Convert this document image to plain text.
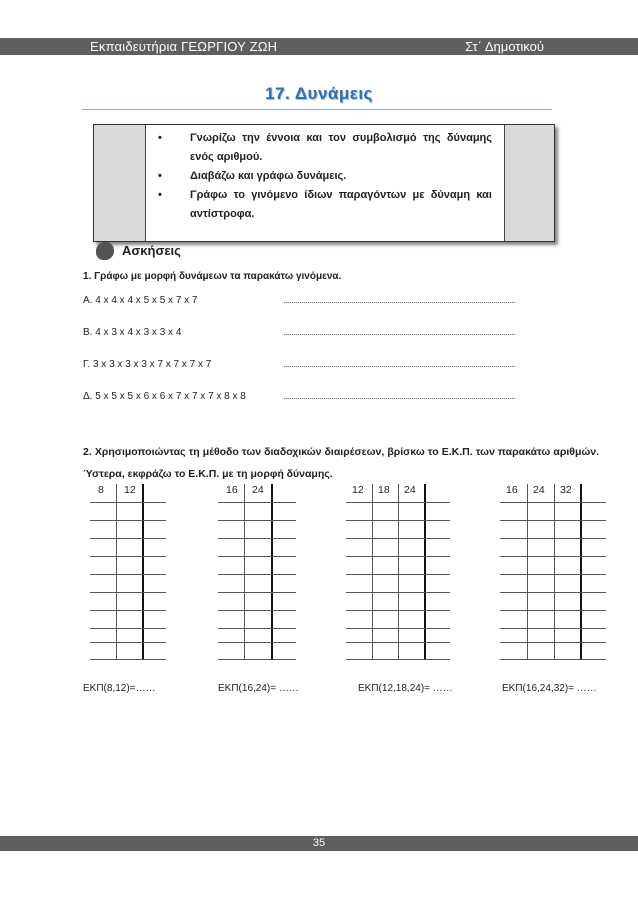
Εκπαιδευτήρια ΓΕΩΡΓΙΟΥ ΖΩΗ	Στ΄ Δημοτικού
17. Δυνάμεις
•	Γνωρίζω την έννοια και τον συμβολισμό της δύναμης ενός αριθμού.
•	Διαβάζω και γράφω δυνάμεις.
•	Γράφω το γινόμενο ίδιων παραγόντων με δύναμη και αντίστροφα.
Ασκήσεις
1. Γράφω με μορφή δυνάμεων τα παρακάτω γινόμενα.
Α. 4 x 4 x 4 x 5 x 5 x 7 x 7	....................................................................................................................
Β. 4 x 3 x 4 x 3 x 3 x 4	....................................................................................................................
Γ. 3 x 3 x 3 x 3 x 7 x 7 x 7 x 7	....................................................................................................................
Δ. 5 x 5 x 5 x 6 x 6 x 7 x 7 x 7 x 8 x 8	....................................................................................................................
2. Χρησιμοποιώντας τη μέθοδο των διαδοχικών διαιρέσεων, βρίσκω το Ε.Κ.Π. των παρακάτω αριθμών. Ύστερα, εκφράζω το Ε.Κ.Π. με τη μορφή δύναμης.
8 12	16 24	12 18 24	16 24 32
ΕΚΠ(8,12)=……	ΕΚΠ(16,24)= ……	ΕΚΠ(12,18,24)= ……	ΕΚΠ(16,24,32)= ……
35
